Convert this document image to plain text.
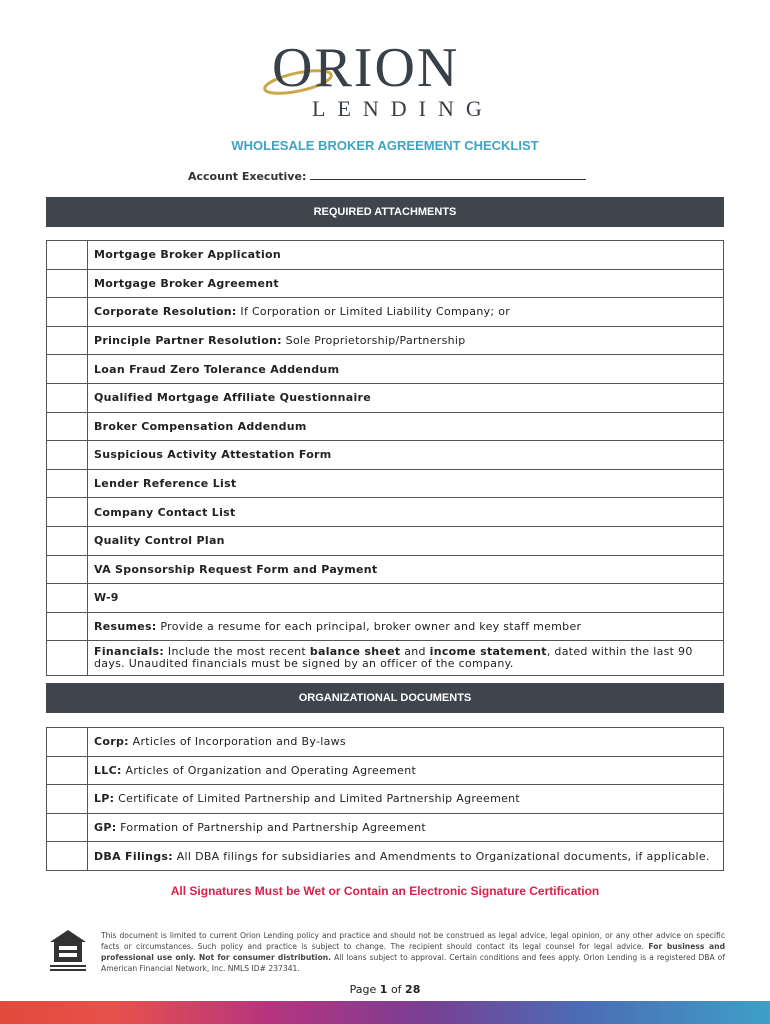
ORION
LENDING
WHOLESALE BROKER AGREEMENT CHECKLIST
Account Executive:
REQUIRED ATTACHMENTS
	Mortgage Broker Application
	Mortgage Broker Agreement
	Corporate Resolution: If Corporation or Limited Liability Company; or
	Principle Partner Resolution: Sole Proprietorship/Partnership
	Loan Fraud Zero Tolerance Addendum
	Qualified Mortgage Affiliate Questionnaire
	Broker Compensation Addendum
	Suspicious Activity Attestation Form
	Lender Reference List
	Company Contact List
	Quality Control Plan
	VA Sponsorship Request Form and Payment
	W-9
	Resumes: Provide a resume for each principal, broker owner and key staff member
	Financials: Include the most recent balance sheet and income statement, dated within the last 90 days. Unaudited financials must be signed by an officer of the company.
ORGANIZATIONAL DOCUMENTS
	Corp: Articles of Incorporation and By-laws
	LLC: Articles of Organization and Operating Agreement
	LP: Certificate of Limited Partnership and Limited Partnership Agreement
	GP: Formation of Partnership and Partnership Agreement
	DBA Filings: All DBA filings for subsidiaries and Amendments to Organizational documents, if applicable.
All Signatures Must be Wet or Contain an Electronic Signature Certification
This document is limited to current Orion Lending policy and practice and should not be construed as legal advice, legal opinion, or any other advice on specific facts or circumstances. Such policy and practice is subject to change. The recipient should contact its legal counsel for legal advice. For business and professional use only. Not for consumer distribution. All loans subject to approval. Certain conditions and fees apply. Orion Lending is a registered DBA of American Financial Network, Inc. NMLS ID# 237341.
Page 1 of 28
